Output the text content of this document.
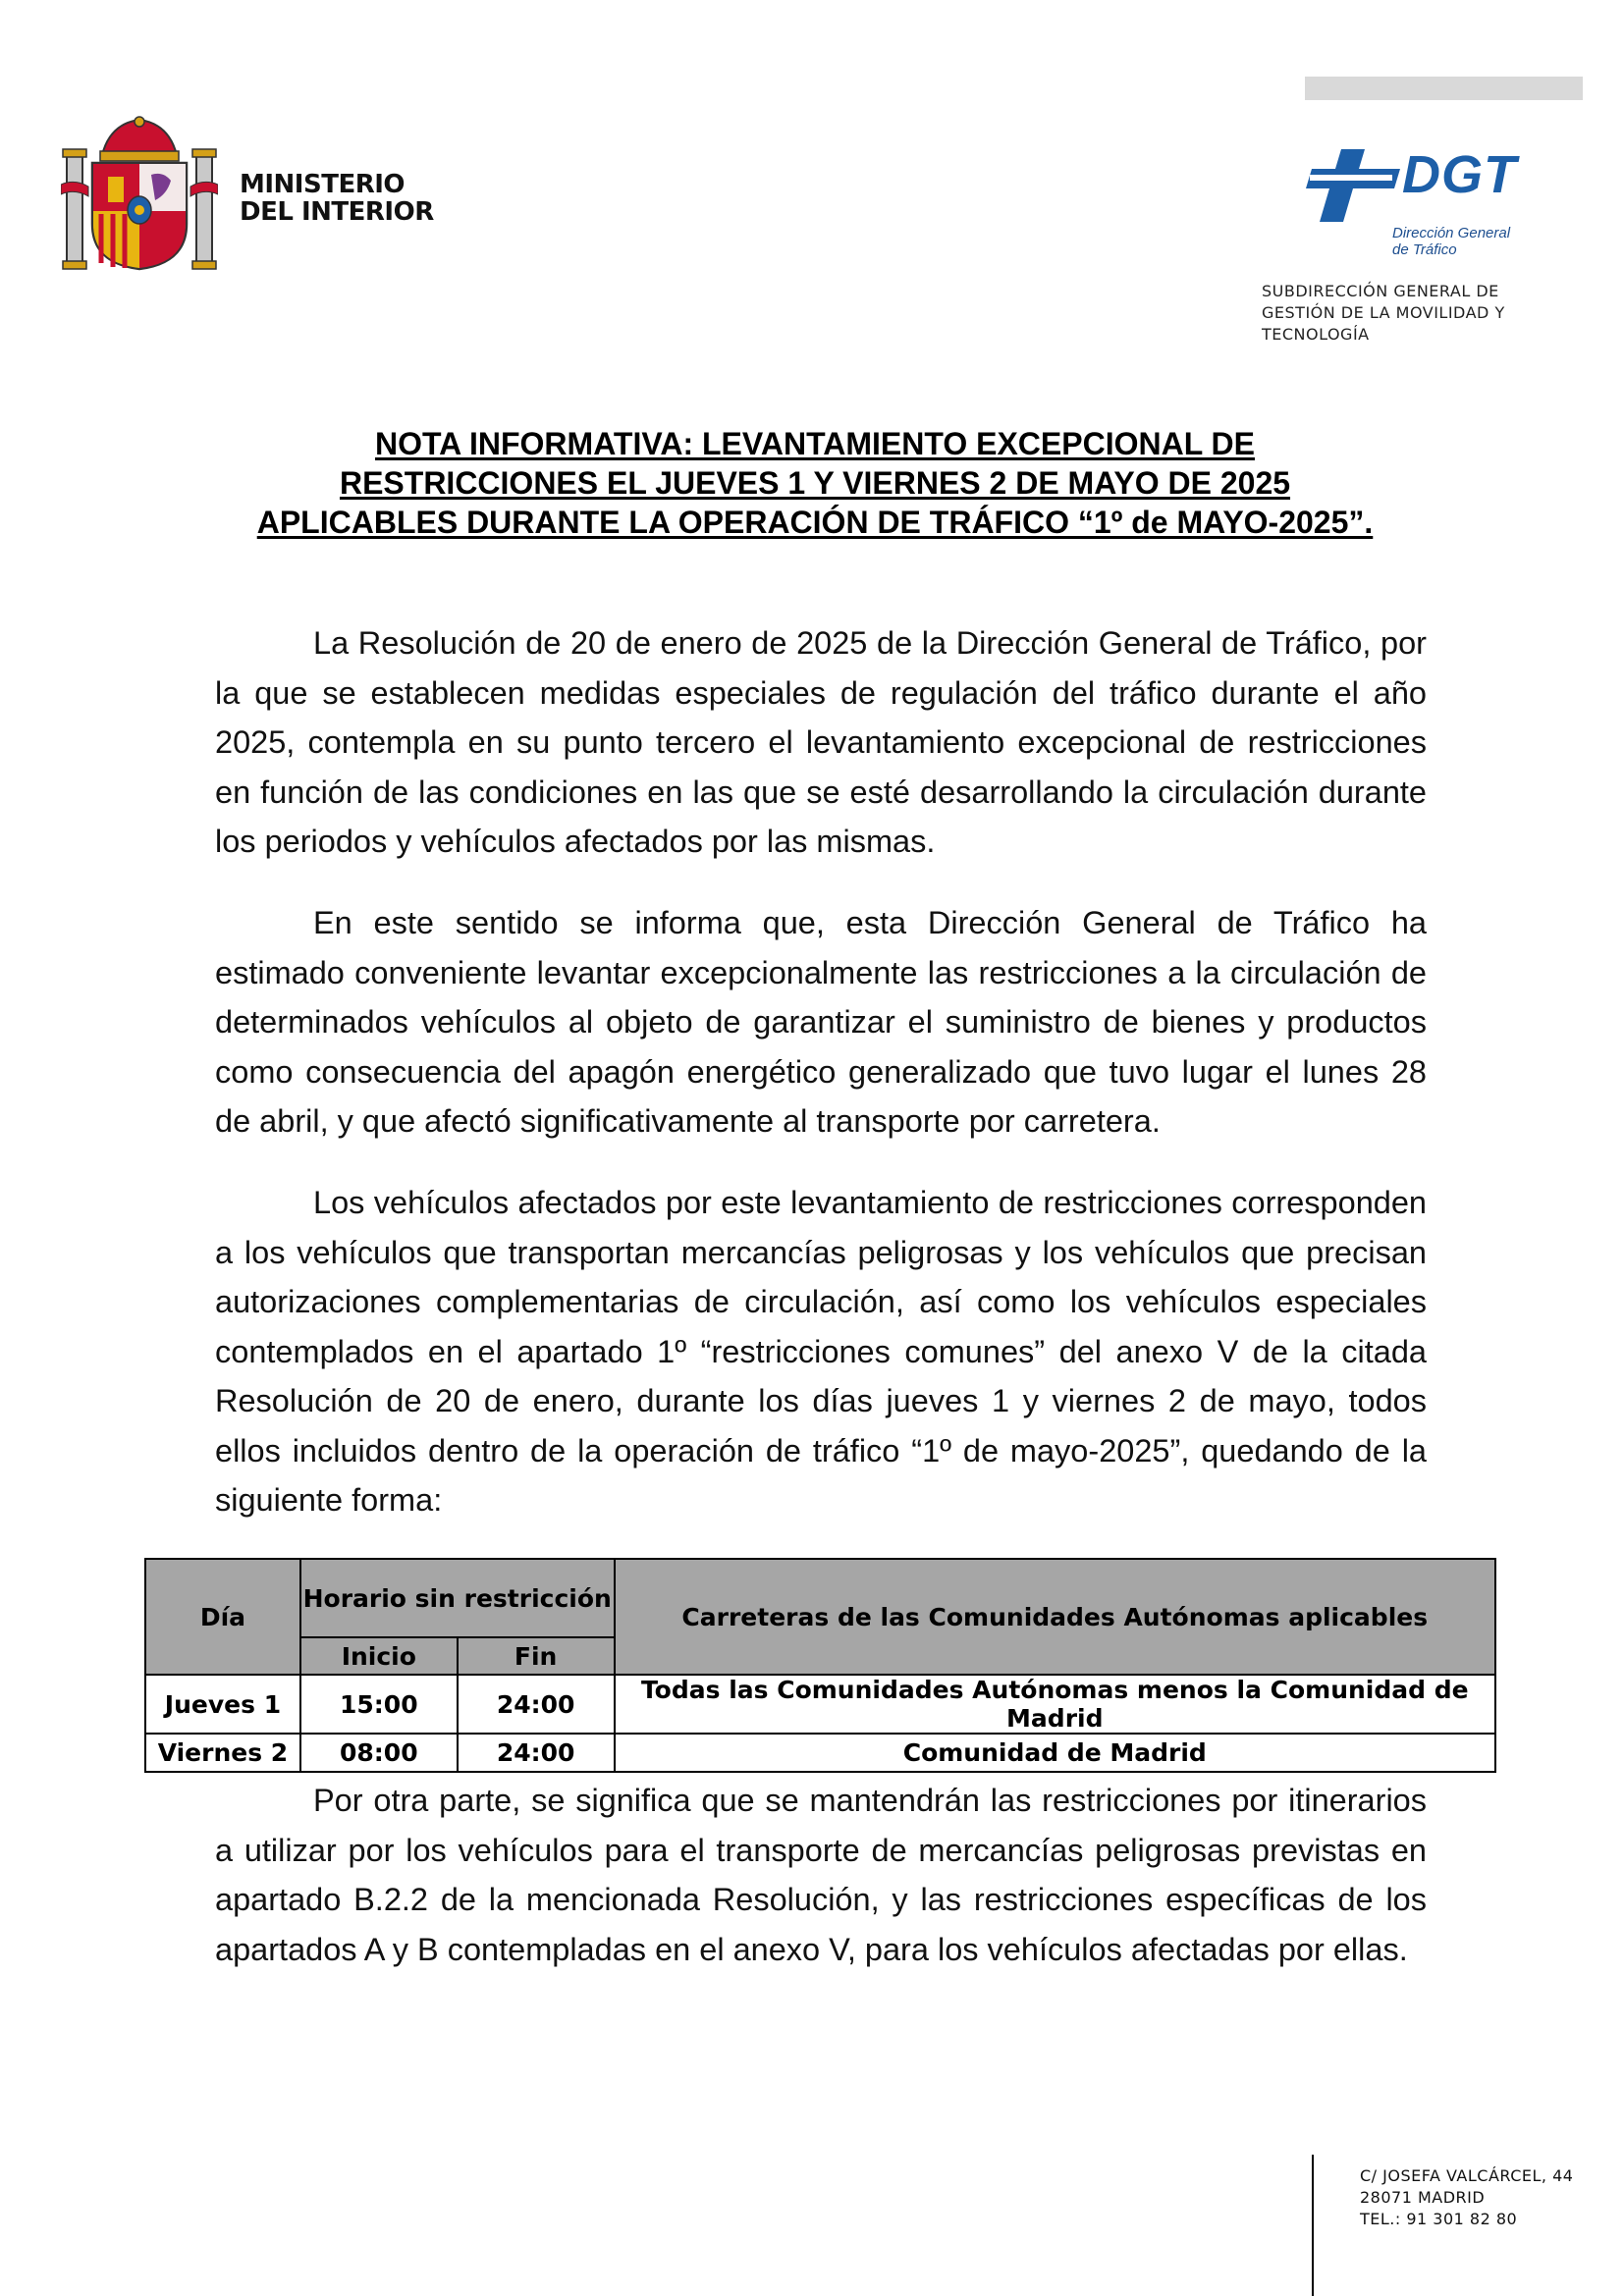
MINISTERIO
DEL INTERIOR
DGT
Dirección General
de Tráfico
SUBDIRECCIÓN GENERAL DE
GESTIÓN DE LA MOVILIDAD Y
TECNOLOGÍA
NOTA INFORMATIVA: LEVANTAMIENTO EXCEPCIONAL DE
RESTRICCIONES EL JUEVES 1 Y VIERNES 2 DE MAYO DE 2025
APLICABLES DURANTE LA OPERACIÓN DE TRÁFICO “1º de MAYO-2025”.
La Resolución de 20 de enero de 2025 de la Dirección General de Tráfico, por la que se establecen medidas especiales de regulación del tráfico durante el año 2025, contempla en su punto tercero el levantamiento excepcional de restricciones en función de las condiciones en las que se esté desarrollando la circulación durante los periodos y vehículos afectados por las mismas.
En este sentido se informa que, esta Dirección General de Tráfico ha estimado conveniente levantar excepcionalmente las restricciones a la circulación de determinados vehículos al objeto de garantizar el suministro de bienes y productos como consecuencia del apagón energético generalizado que tuvo lugar el lunes 28 de abril, y que afectó significativamente al transporte por carretera.
Los vehículos afectados por este levantamiento de restricciones corresponden a los vehículos que transportan mercancías peligrosas y los vehículos que precisan autorizaciones complementarias de circulación, así como los vehículos especiales contemplados en el apartado 1º “restricciones comunes” del anexo V de la citada Resolución de 20 de enero, durante los días jueves 1 y viernes 2 de mayo, todos ellos incluidos dentro de la operación de tráfico “1º de mayo-2025”, quedando de la siguiente forma:
Día	Horario sin restricción		Carreteras de las Comunidades Autónomas aplicables
	Inicio	Fin	
Jueves 1	15:00	24:00	Todas las Comunidades Autónomas menos la Comunidad de Madrid
Viernes 2	08:00	24:00	Comunidad de Madrid
Por otra parte, se significa que se mantendrán las restricciones por itinerarios a utilizar por los vehículos para el transporte de mercancías peligrosas previstas en apartado B.2.2 de la mencionada Resolución, y las restricciones específicas de los apartados A y B contempladas en el anexo V, para los vehículos afectadas por ellas.
C/ JOSEFA VALCÁRCEL, 44
28071 MADRID
TEL.: 91 301 82 80
